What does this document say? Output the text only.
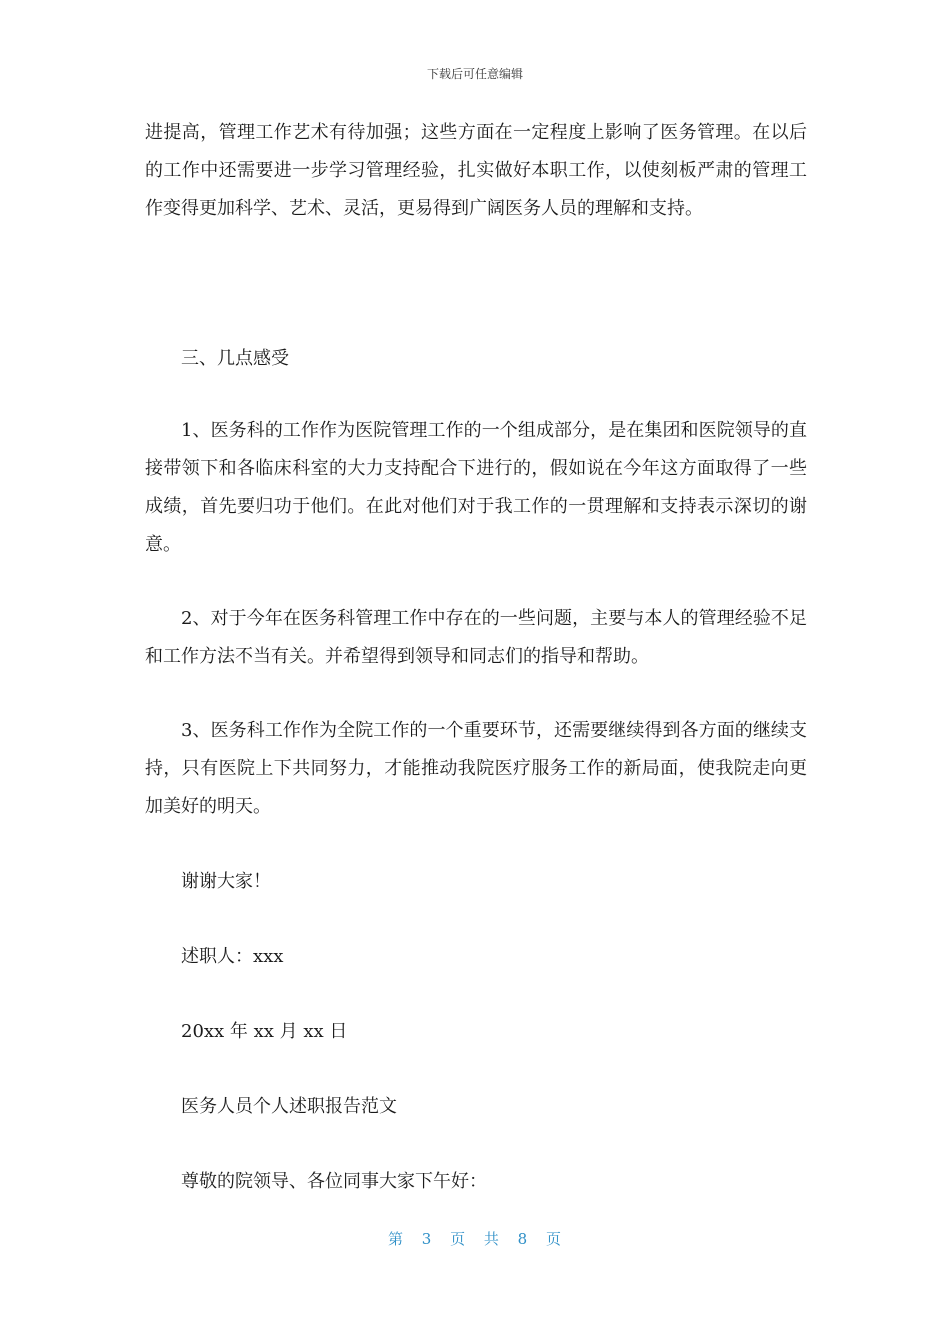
下载后可任意编辑

进提高，管理工作艺术有待加强；这些方面在一定程度上影响了医务管理。在以后的工作中还需要进一步学习管理经验，扎实做好本职工作，以使刻板严肃的管理工作变得更加科学、艺术、灵活，更易得到广阔医务人员的理解和支持。

三、几点感受

1、医务科的工作作为医院管理工作的一个组成部分，是在集团和医院领导的直接带领下和各临床科室的大力支持配合下进行的，假如说在今年这方面取得了一些成绩，首先要归功于他们。在此对他们对于我工作的一贯理解和支持表示深切的谢意。

2、对于今年在医务科管理工作中存在的一些问题，主要与本人的管理经验不足和工作方法不当有关。并希望得到领导和同志们的指导和帮助。

3、医务科工作作为全院工作的一个重要环节，还需要继续得到各方面的继续支持，只有医院上下共同努力，才能推动我院医疗服务工作的新局面，使我院走向更加美好的明天。

谢谢大家！

述职人：xxx

20xx 年 xx 月 xx 日

医务人员个人述职报告范文

尊敬的院领导、各位同事大家下午好：

第 3 页 共 8 页
